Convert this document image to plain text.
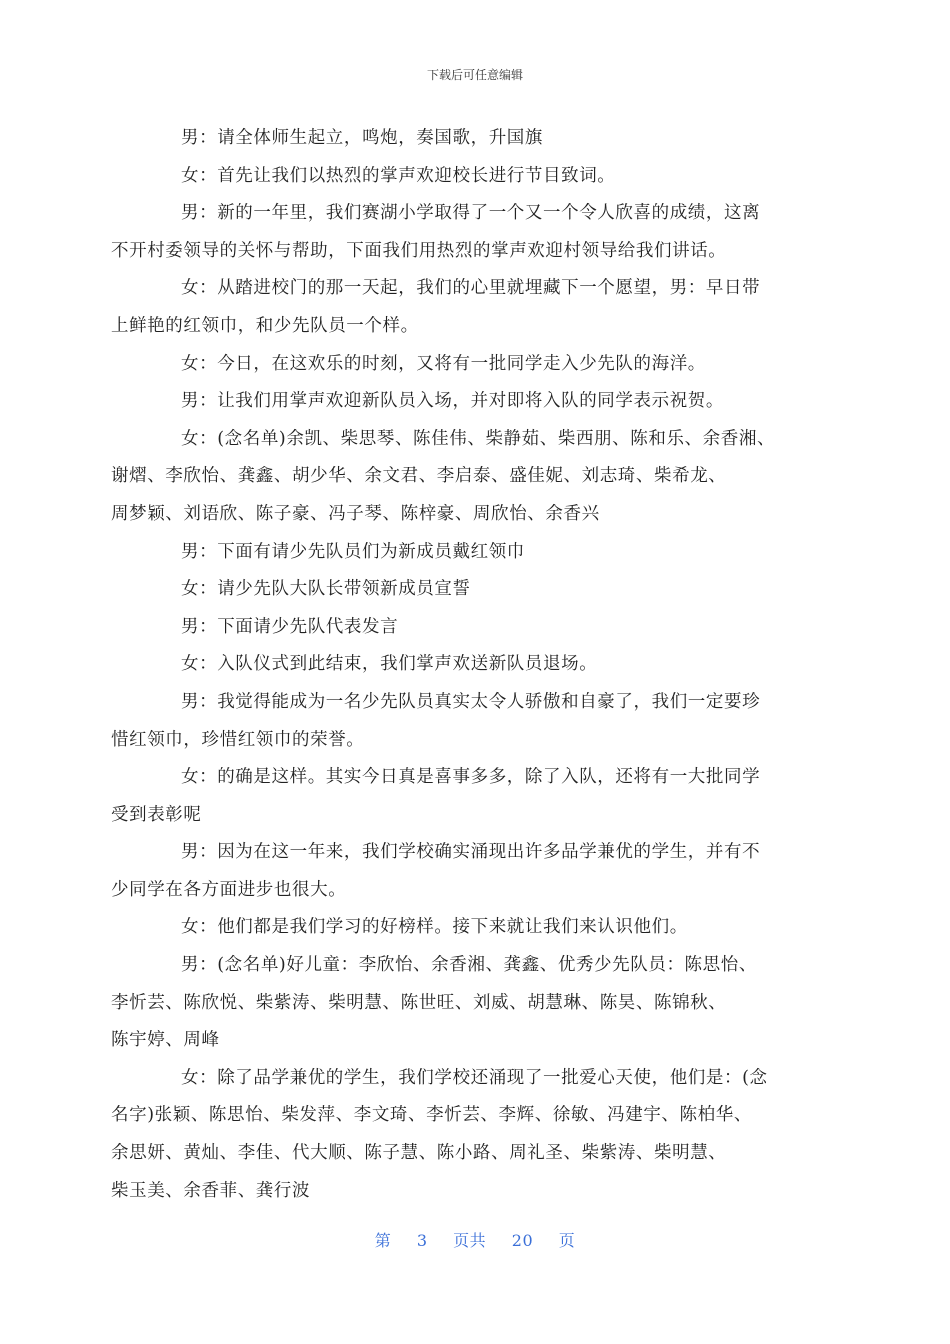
下载后可任意编辑

男：请全体师生起立，鸣炮，奏国歌，升国旗

女：首先让我们以热烈的掌声欢迎校长进行节目致词。

男：新的一年里，我们赛湖小学取得了一个又一个令人欣喜的成绩，这离
不开村委领导的关怀与帮助，下面我们用热烈的掌声欢迎村领导给我们讲话。

女：从踏进校门的那一天起，我们的心里就埋藏下一个愿望，男：早日带
上鲜艳的红领巾，和少先队员一个样。

女：今日，在这欢乐的时刻，又将有一批同学走入少先队的海洋。

男：让我们用掌声欢迎新队员入场，并对即将入队的同学表示祝贺。

女：(念名单)余凯、柴思琴、陈佳伟、柴静茹、柴西朋、陈和乐、余香湘、
谢熠、李欣怡、龚鑫、胡少华、余文君、李启泰、盛佳妮、刘志琦、柴希龙、
周梦颖、刘语欣、陈子豪、冯子琴、陈梓豪、周欣怡、余香兴

男：下面有请少先队员们为新成员戴红领巾

女：请少先队大队长带领新成员宣誓

男：下面请少先队代表发言

女：入队仪式到此结束，我们掌声欢送新队员退场。

男：我觉得能成为一名少先队员真实太令人骄傲和自豪了，我们一定要珍
惜红领巾，珍惜红领巾的荣誉。

女：的确是这样。其实今日真是喜事多多，除了入队，还将有一大批同学
受到表彰呢

男：因为在这一年来，我们学校确实涌现出许多品学兼优的学生，并有不
少同学在各方面进步也很大。

女：他们都是我们学习的好榜样。接下来就让我们来认识他们。

男：(念名单)好儿童：李欣怡、余香湘、龚鑫、优秀少先队员：陈思怡、
李忻芸、陈欣悦、柴紫涛、柴明慧、陈世旺、刘威、胡慧琳、陈昊、陈锦秋、
陈宇婷、周峰

女：除了品学兼优的学生，我们学校还涌现了一批爱心天使，他们是：(念
名字)张颖、陈思怡、柴发萍、李文琦、李忻芸、李辉、徐敏、冯建宇、陈柏华、
余思妍、黄灿、李佳、代大顺、陈子慧、陈小路、周礼圣、柴紫涛、柴明慧、
柴玉美、余香菲、龚行波

第 3 页共 20 页
